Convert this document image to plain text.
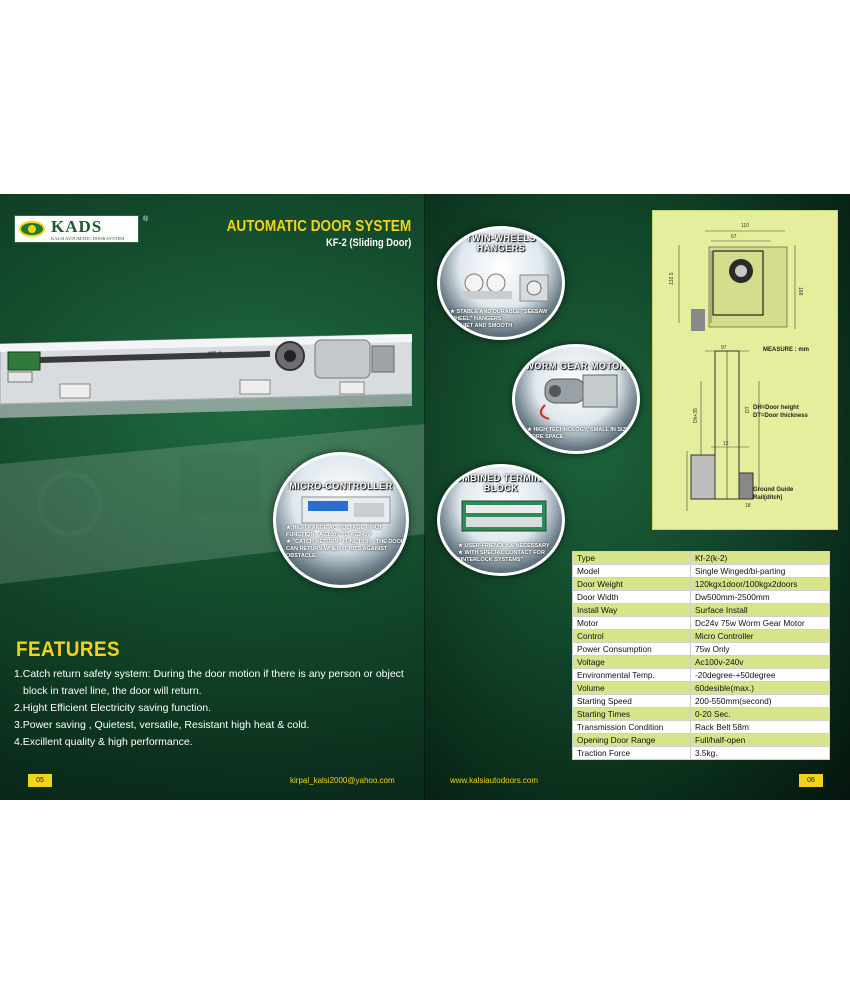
KADS
KALSI AUTOMATIC DOOR SYSTEM
®	AUTOMATIC DOOR SYSTEM
KF-2 (Sliding Door)
KF-2
MICRO-CONTROLLER
★ HIGH RANGE AC VOLTAGE INPUT FUNCTION - AC100V TO AC240V
★ "CATCH RETURN" FUNCTION - THE DOOR CAN RETURN WHEN IT HITS AGAINST OBSTACLE.
FEATURES
1.Catch return safety system: During the door motion if there is any person or object
block in travel line, the door will return.
2.Hight Efficient Electricity saving function.
3.Power saving , Quietest, versatile, Resistant high heat & cold.
4.Excillent quality & high performance.
05	kirpal_kalsi2000@yahoo.com
TWIN-WHEELS
HANGERS
★ STABLE AND DURABLE "SEESAW WHEEL" HANGERS
★ QUIET AND SMOOTH
WORM GEAR MOTOR
★ HIGH TECHNOLOGY, SMALL IN SIZE, MORE SPACE
COMBINED TERMINAL
BLOCK
★ USER-FRIENDLY & NECESSARY
★ WITH SPECIAL CONTACT FOR "INTERLOCK SYSTEMS"
110
67
132.5
168
97
Dh+35	DT
12
18
MEASURE : mm
DH=Door height
DT=Door thickness
Ground Guide
Rail(ditch)
Type	Kf-2(k-2)
Model	Single Winged/bi-parting
Door Weight	120kgx1door/100kgx2doors
Door Width	Dw500mm-2500mm
Install Way	Surface Install
Motor	Dc24v 75w Worm Gear Motor
Control	Micro Controller
Power Consumption	75w Only
Voltage	Ac100v-240v
Environmental Temp.	-20degree-+50degree
Volume	60desible(max.)
Starting Speed	200-550mm(second)
Starting Times	0-20 Sec.
Transmission Condition	Rack Belt 58m
Opening Door Range	Full/half-open
Traction Force	3.5kg.
www.kalsiautodoors.com	06
